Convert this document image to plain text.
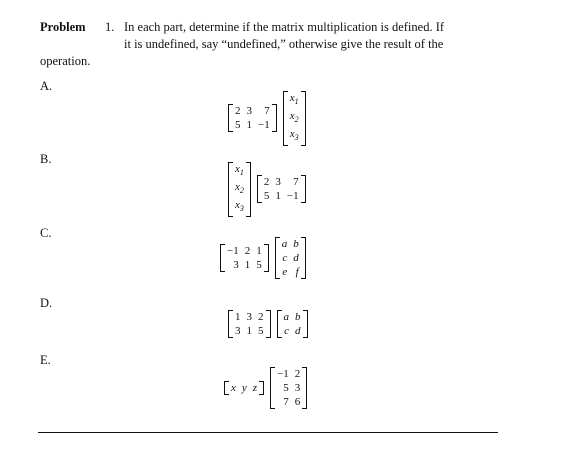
Problem 1. In each part, determine if the matrix multiplication is defined. If
it is undefined, say “undefined,” otherwise give the result of the
operation.
A.
B.
C.
D.
E.
2	3	7
5	1	−1
$x_1$
$x_2$
$x_3$
$x_1$
$x_2$
$x_3$
2	3	7
5	1	−1
−1	2	1
3	1	5
a	b
c	d
e	f
1	3	2
3	1	5
a	b
c	d
x	y	z
−1	2
5	3
7	6
